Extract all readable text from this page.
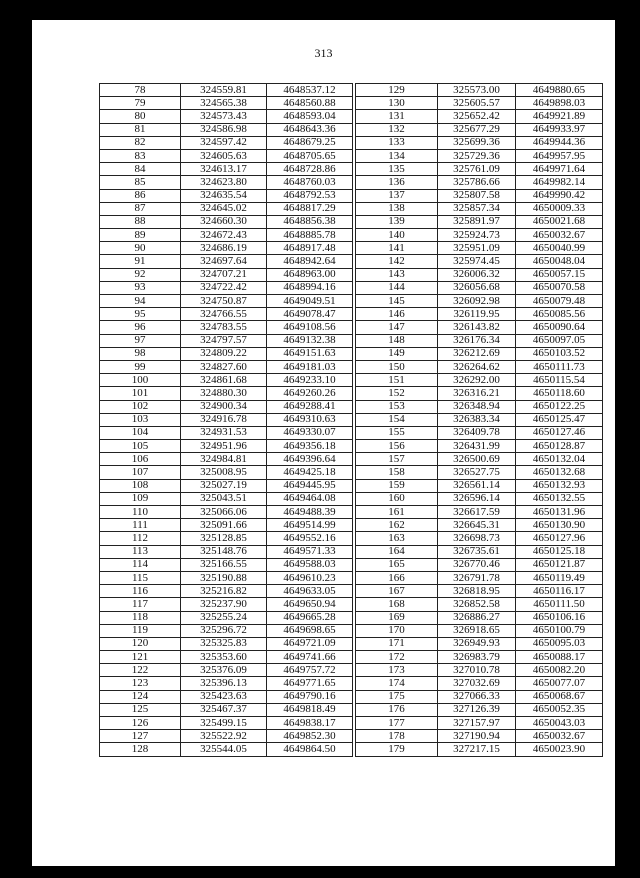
313
78	324559.81	4648537.12
79	324565.38	4648560.88
80	324573.43	4648593.04
81	324586.98	4648643.36
82	324597.42	4648679.25
83	324605.63	4648705.65
84	324613.17	4648728.86
85	324623.80	4648760.03
86	324635.54	4648792.53
87	324645.02	4648817.29
88	324660.30	4648856.38
89	324672.43	4648885.78
90	324686.19	4648917.48
91	324697.64	4648942.64
92	324707.21	4648963.00
93	324722.42	4648994.16
94	324750.87	4649049.51
95	324766.55	4649078.47
96	324783.55	4649108.56
97	324797.57	4649132.38
98	324809.22	4649151.63
99	324827.60	4649181.03
100	324861.68	4649233.10
101	324880.30	4649260.26
102	324900.34	4649288.41
103	324916.78	4649310.63
104	324931.53	4649330.07
105	324951.96	4649356.18
106	324984.81	4649396.64
107	325008.95	4649425.18
108	325027.19	4649445.95
109	325043.51	4649464.08
110	325066.06	4649488.39
111	325091.66	4649514.99
112	325128.85	4649552.16
113	325148.76	4649571.33
114	325166.55	4649588.03
115	325190.88	4649610.23
116	325216.82	4649633.05
117	325237.90	4649650.94
118	325255.24	4649665.28
119	325296.72	4649698.65
120	325325.83	4649721.09
121	325353.60	4649741.66
122	325376.09	4649757.72
123	325396.13	4649771.65
124	325423.63	4649790.16
125	325467.37	4649818.49
126	325499.15	4649838.17
127	325522.92	4649852.30
128	325544.05	4649864.50
129	325573.00	4649880.65
130	325605.57	4649898.03
131	325652.42	4649921.89
132	325677.29	4649933.97
133	325699.36	4649944.36
134	325729.36	4649957.95
135	325761.09	4649971.64
136	325786.66	4649982.14
137	325807.58	4649990.42
138	325857.34	4650009.33
139	325891.97	4650021.68
140	325924.73	4650032.67
141	325951.09	4650040.99
142	325974.45	4650048.04
143	326006.32	4650057.15
144	326056.68	4650070.58
145	326092.98	4650079.48
146	326119.95	4650085.56
147	326143.82	4650090.64
148	326176.34	4650097.05
149	326212.69	4650103.52
150	326264.62	4650111.73
151	326292.00	4650115.54
152	326316.21	4650118.60
153	326348.94	4650122.25
154	326383.34	4650125.47
155	326409.78	4650127.46
156	326431.99	4650128.87
157	326500.69	4650132.04
158	326527.75	4650132.68
159	326561.14	4650132.93
160	326596.14	4650132.55
161	326617.59	4650131.96
162	326645.31	4650130.90
163	326698.73	4650127.96
164	326735.61	4650125.18
165	326770.46	4650121.87
166	326791.78	4650119.49
167	326818.95	4650116.17
168	326852.58	4650111.50
169	326886.27	4650106.16
170	326918.65	4650100.79
171	326949.93	4650095.03
172	326983.79	4650088.17
173	327010.78	4650082.20
174	327032.69	4650077.07
175	327066.33	4650068.67
176	327126.39	4650052.35
177	327157.97	4650043.03
178	327190.94	4650032.67
179	327217.15	4650023.90
